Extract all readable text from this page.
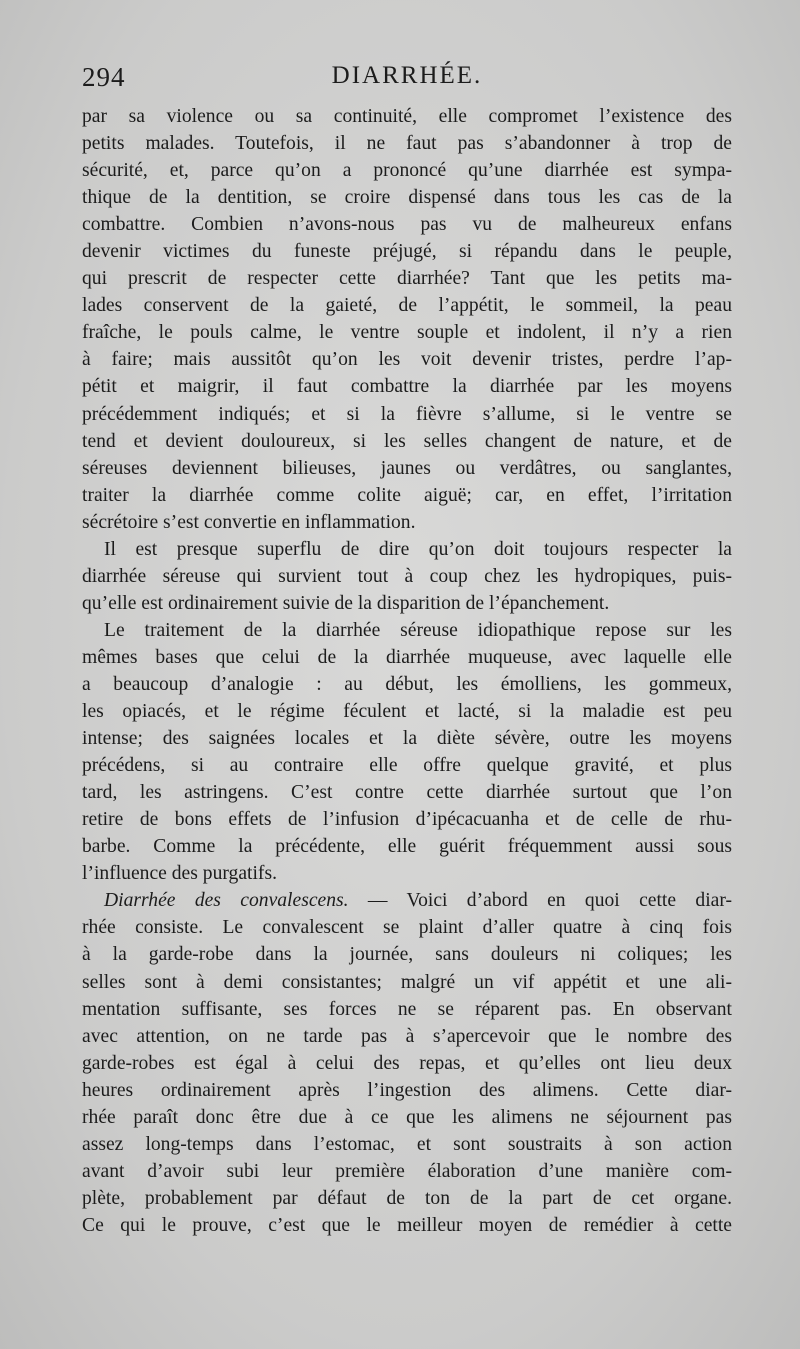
294	DIARRHÉE.
par sa violence ou sa continuité, elle compromet l’existence des
petits malades. Toutefois, il ne faut pas s’abandonner à trop de
sécurité, et, parce qu’on a prononcé qu’une diarrhée est sympa-
thique de la dentition, se croire dispensé dans tous les cas de la
combattre. Combien n’avons-nous pas vu de malheureux enfans
devenir victimes du funeste préjugé, si répandu dans le peuple,
qui prescrit de respecter cette diarrhée? Tant que les petits ma-
lades conservent de la gaieté, de l’appétit, le sommeil, la peau
fraîche, le pouls calme, le ventre souple et indolent, il n’y a rien
à faire; mais aussitôt qu’on les voit devenir tristes, perdre l’ap-
pétit et maigrir, il faut combattre la diarrhée par les moyens
précédemment indiqués; et si la fièvre s’allume, si le ventre se
tend et devient douloureux, si les selles changent de nature, et de
séreuses deviennent bilieuses, jaunes ou verdâtres, ou sanglantes,
traiter la diarrhée comme colite aiguë; car, en effet, l’irritation
sécrétoire s’est convertie en inflammation.
Il est presque superflu de dire qu’on doit toujours respecter la
diarrhée séreuse qui survient tout à coup chez les hydropiques, puis-
qu’elle est ordinairement suivie de la disparition de l’épanchement.
Le traitement de la diarrhée séreuse idiopathique repose sur les
mêmes bases que celui de la diarrhée muqueuse, avec laquelle elle
a beaucoup d’analogie : au début, les émolliens, les gommeux,
les opiacés, et le régime féculent et lacté, si la maladie est peu
intense; des saignées locales et la diète sévère, outre les moyens
précédens, si au contraire elle offre quelque gravité, et plus
tard, les astringens. C’est contre cette diarrhée surtout que l’on
retire de bons effets de l’infusion d’ipécacuanha et de celle de rhu-
barbe. Comme la précédente, elle guérit fréquemment aussi sous
l’influence des purgatifs.
Diarrhée des convalescens. — Voici d’abord en quoi cette diar-
rhée consiste. Le convalescent se plaint d’aller quatre à cinq fois
à la garde-robe dans la journée, sans douleurs ni coliques; les
selles sont à demi consistantes; malgré un vif appétit et une ali-
mentation suffisante, ses forces ne se réparent pas. En observant
avec attention, on ne tarde pas à s’apercevoir que le nombre des
garde-robes est égal à celui des repas, et qu’elles ont lieu deux
heures ordinairement après l’ingestion des alimens. Cette diar-
rhée paraît donc être due à ce que les alimens ne séjournent pas
assez long-temps dans l’estomac, et sont soustraits à son action
avant d’avoir subi leur première élaboration d’une manière com-
plète, probablement par défaut de ton de la part de cet organe.
Ce qui le prouve, c’est que le meilleur moyen de remédier à cette
